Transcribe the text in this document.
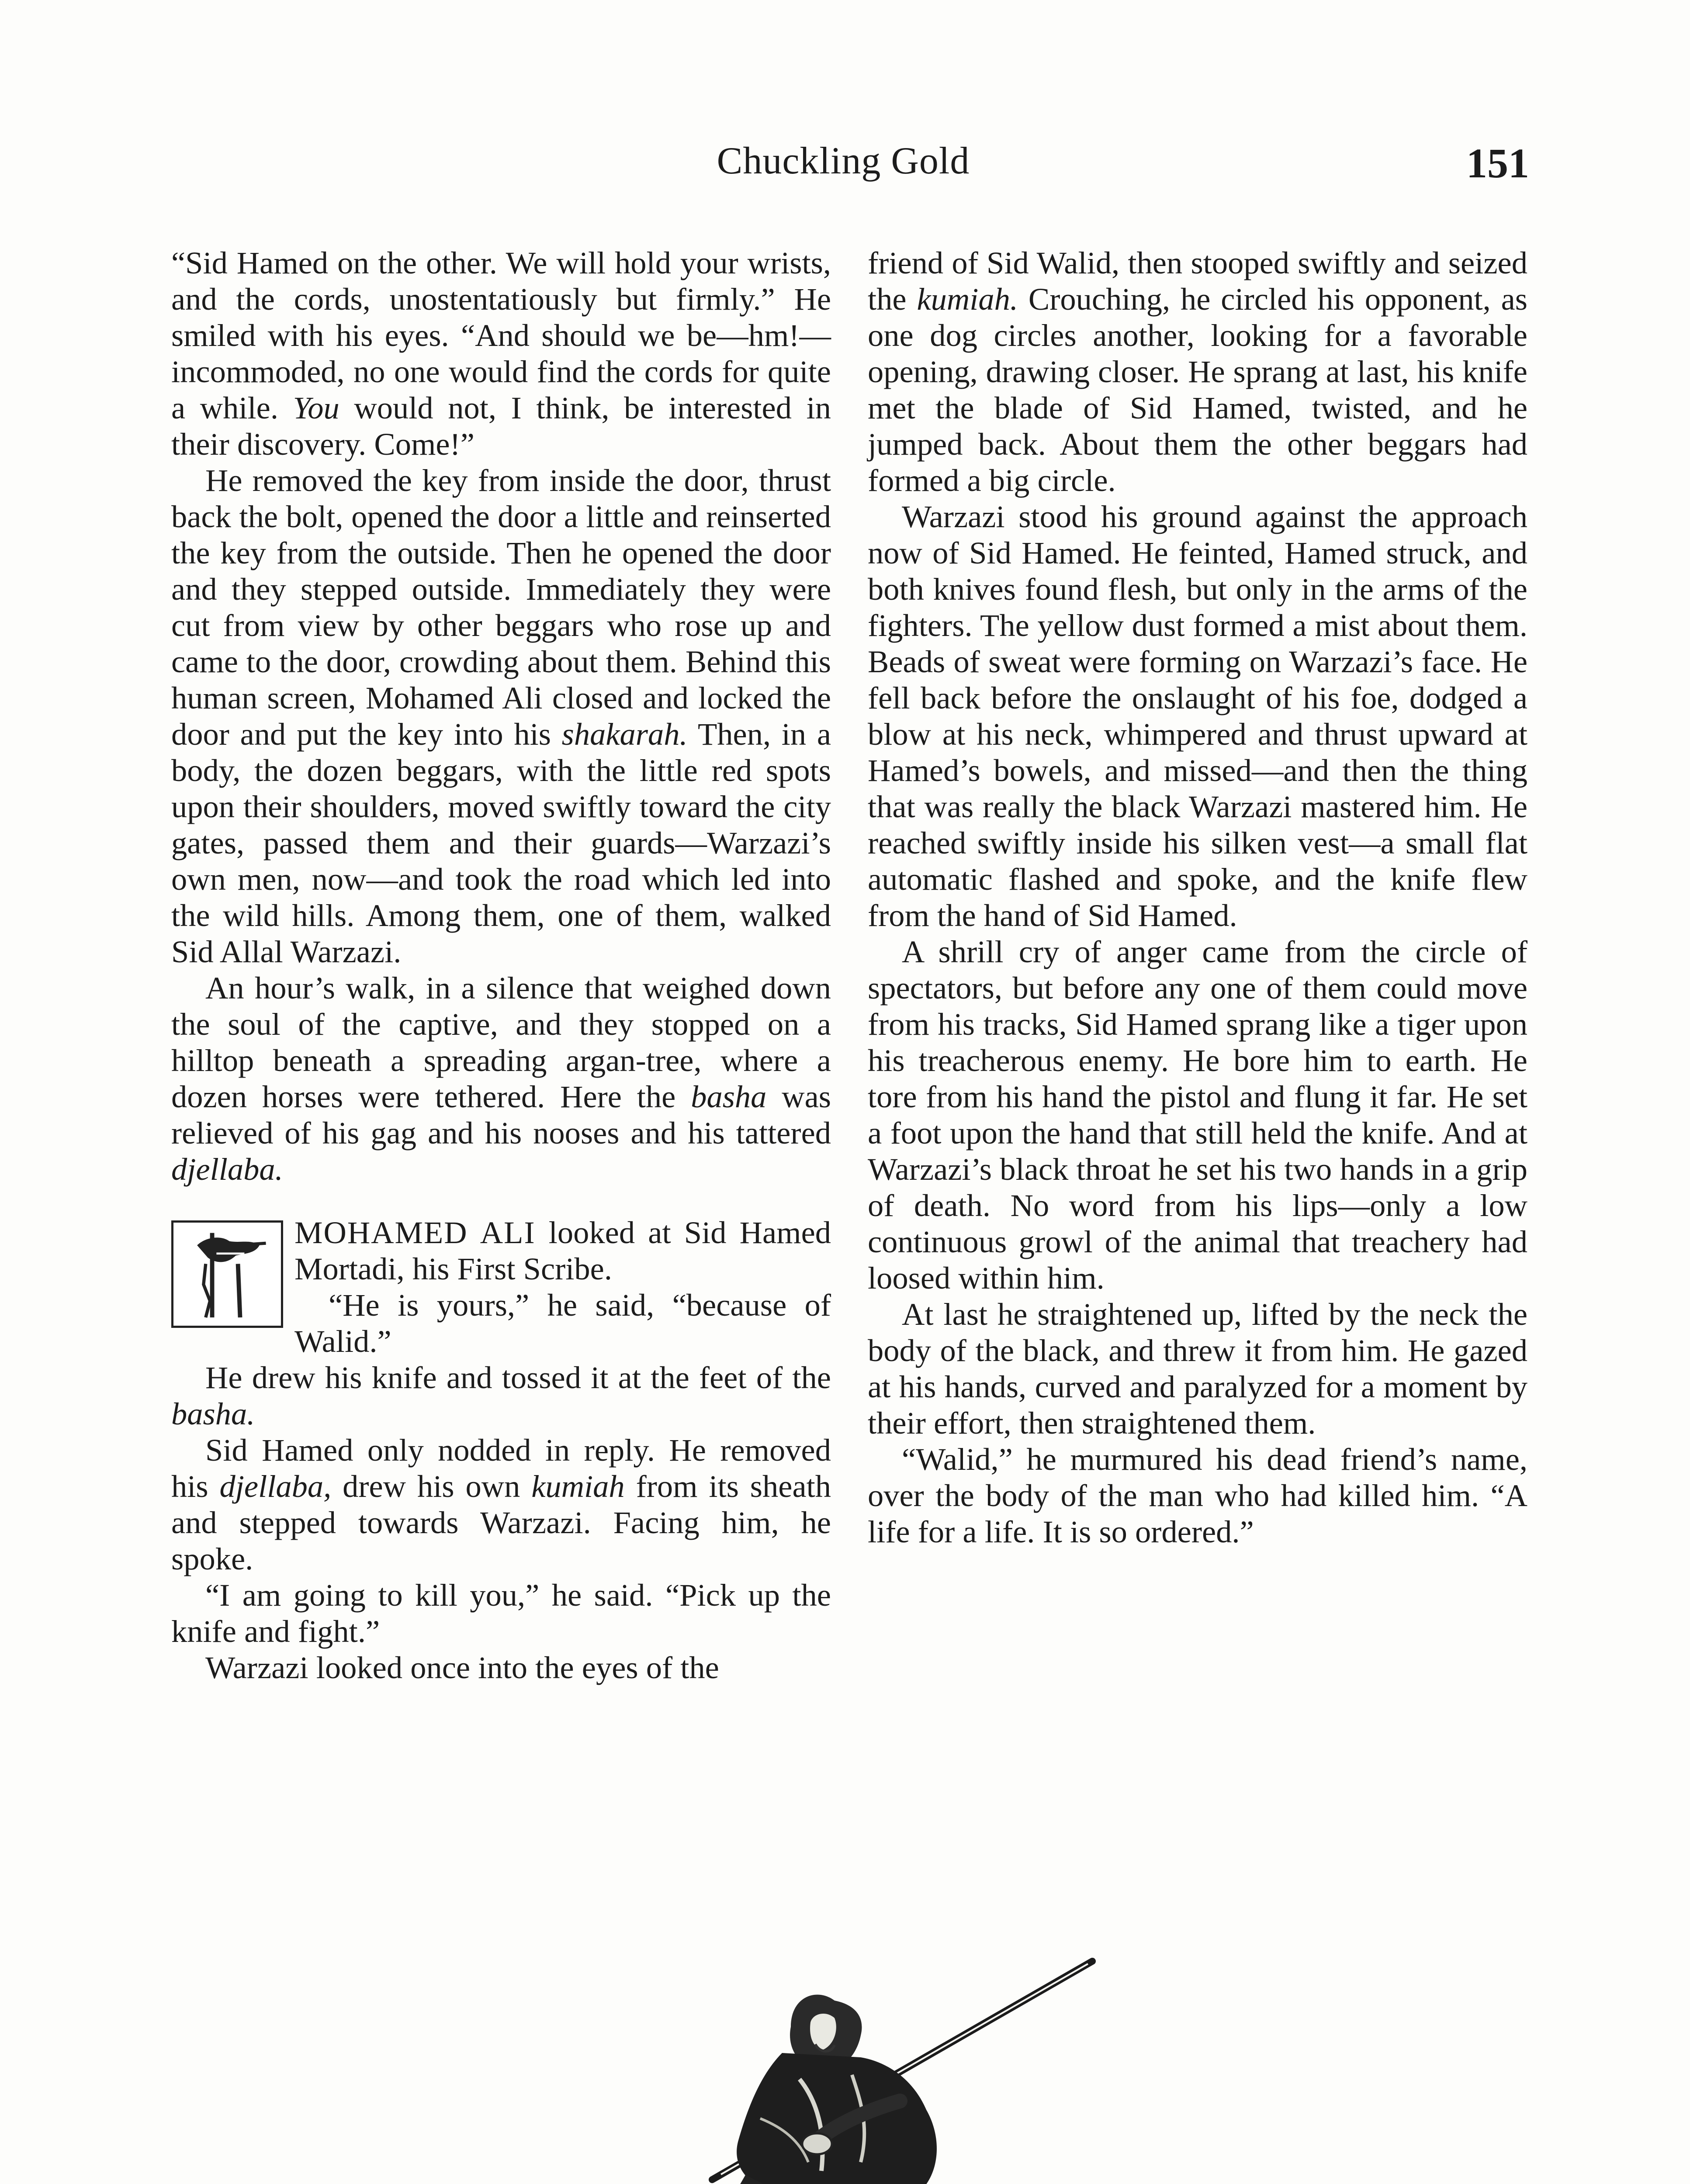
Chuckling Gold	151

“Sid Hamed on the other. We will hold your wrists, and the cords, unostentatiously but firmly.” He smiled with his eyes. “And should we be—hm!—incommoded, no one would find the cords for quite a while. You would not, I think, be interested in their discovery. Come!”

He removed the key from inside the door, thrust back the bolt, opened the door a little and reinserted the key from the outside. Then he opened the door and they stepped outside. Immediately they were cut from view by other beggars who rose up and came to the door, crowding about them. Behind this human screen, Mohamed Ali closed and locked the door and put the key into his shakarah. Then, in a body, the dozen beggars, with the little red spots upon their shoulders, moved swiftly toward the city gates, passed them and their guards—Warzazi’s own men, now—and took the road which led into the wild hills. Among them, one of them, walked Sid Allal Warzazi.

An hour’s walk, in a silence that weighed down the soul of the captive, and they stopped on a hilltop beneath a spreading argan-tree, where a dozen horses were tethered. Here the basha was relieved of his gag and his nooses and his tattered djellaba.

MOHAMED ALI looked at Sid Hamed Mortadi, his First Scribe.

“He is yours,” he said, “because of Walid.”

He drew his knife and tossed it at the feet of the basha.

Sid Hamed only nodded in reply. He removed his djellaba, drew his own kumiah from its sheath and stepped towards Warzazi. Facing him, he spoke.

“I am going to kill you,” he said. “Pick up the knife and fight.”

Warzazi looked once into the eyes of the

friend of Sid Walid, then stooped swiftly and seized the kumiah. Crouching, he circled his opponent, as one dog circles another, looking for a favorable opening, drawing closer. He sprang at last, his knife met the blade of Sid Hamed, twisted, and he jumped back. About them the other beggars had formed a big circle.

Warzazi stood his ground against the approach now of Sid Hamed. He feinted, Hamed struck, and both knives found flesh, but only in the arms of the fighters. The yellow dust formed a mist about them. Beads of sweat were forming on Warzazi’s face. He fell back before the onslaught of his foe, dodged a blow at his neck, whimpered and thrust upward at Hamed’s bowels, and missed—and then the thing that was really the black Warzazi mastered him. He reached swiftly inside his silken vest—a small flat automatic flashed and spoke, and the knife flew from the hand of Sid Hamed.

A shrill cry of anger came from the circle of spectators, but before any one of them could move from his tracks, Sid Hamed sprang like a tiger upon his treacherous enemy. He bore him to earth. He tore from his hand the pistol and flung it far. He set a foot upon the hand that still held the knife. And at Warzazi’s black throat he set his two hands in a grip of death. No word from his lips—only a low continuous growl of the animal that treachery had loosed within him.

At last he straightened up, lifted by the neck the body of the black, and threw it from him. He gazed at his hands, curved and paralyzed for a moment by their effort, then straightened them.

“Walid,” he murmured his dead friend’s name, over the body of the man who had killed him. “A life for a life. It is so ordered.”
